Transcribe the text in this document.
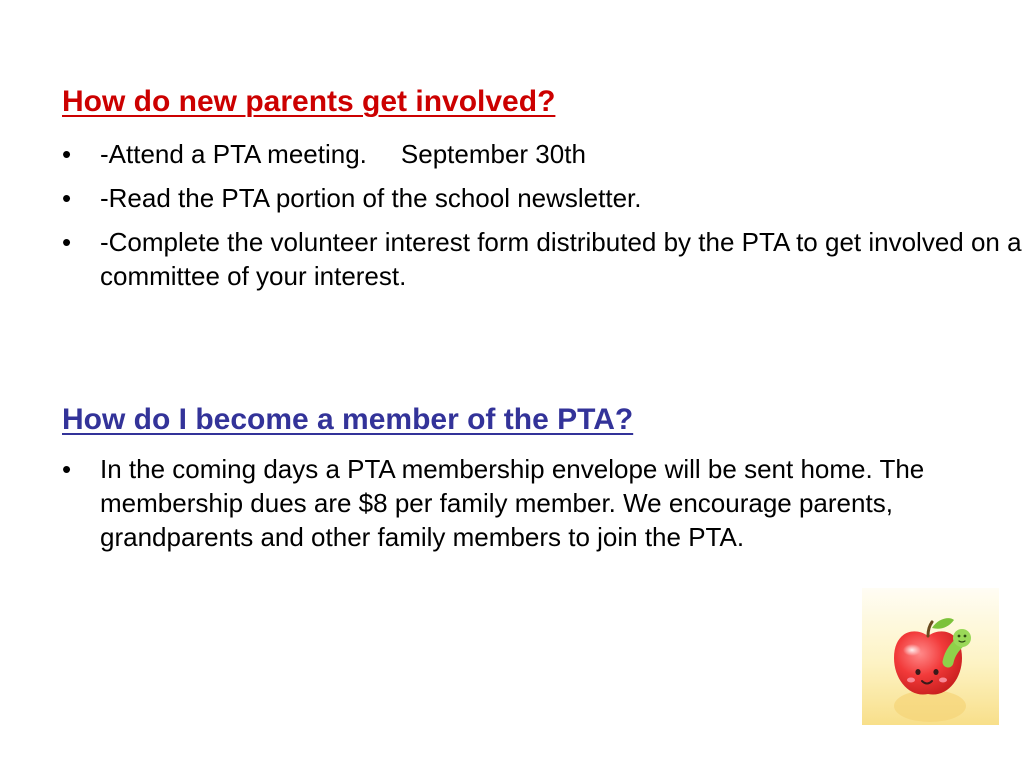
How do new parents get involved?
•	-Attend a PTA meeting. September 30th
•	-Read the PTA portion of the school newsletter.
•	-Complete the volunteer interest form distributed by the PTA to get involved on a committee of your interest.
How do I become a member of the PTA?
•	In the coming days a PTA membership envelope will be sent home. The membership dues are $8 per family member. We encourage parents, grandparents and other family members to join the PTA.
